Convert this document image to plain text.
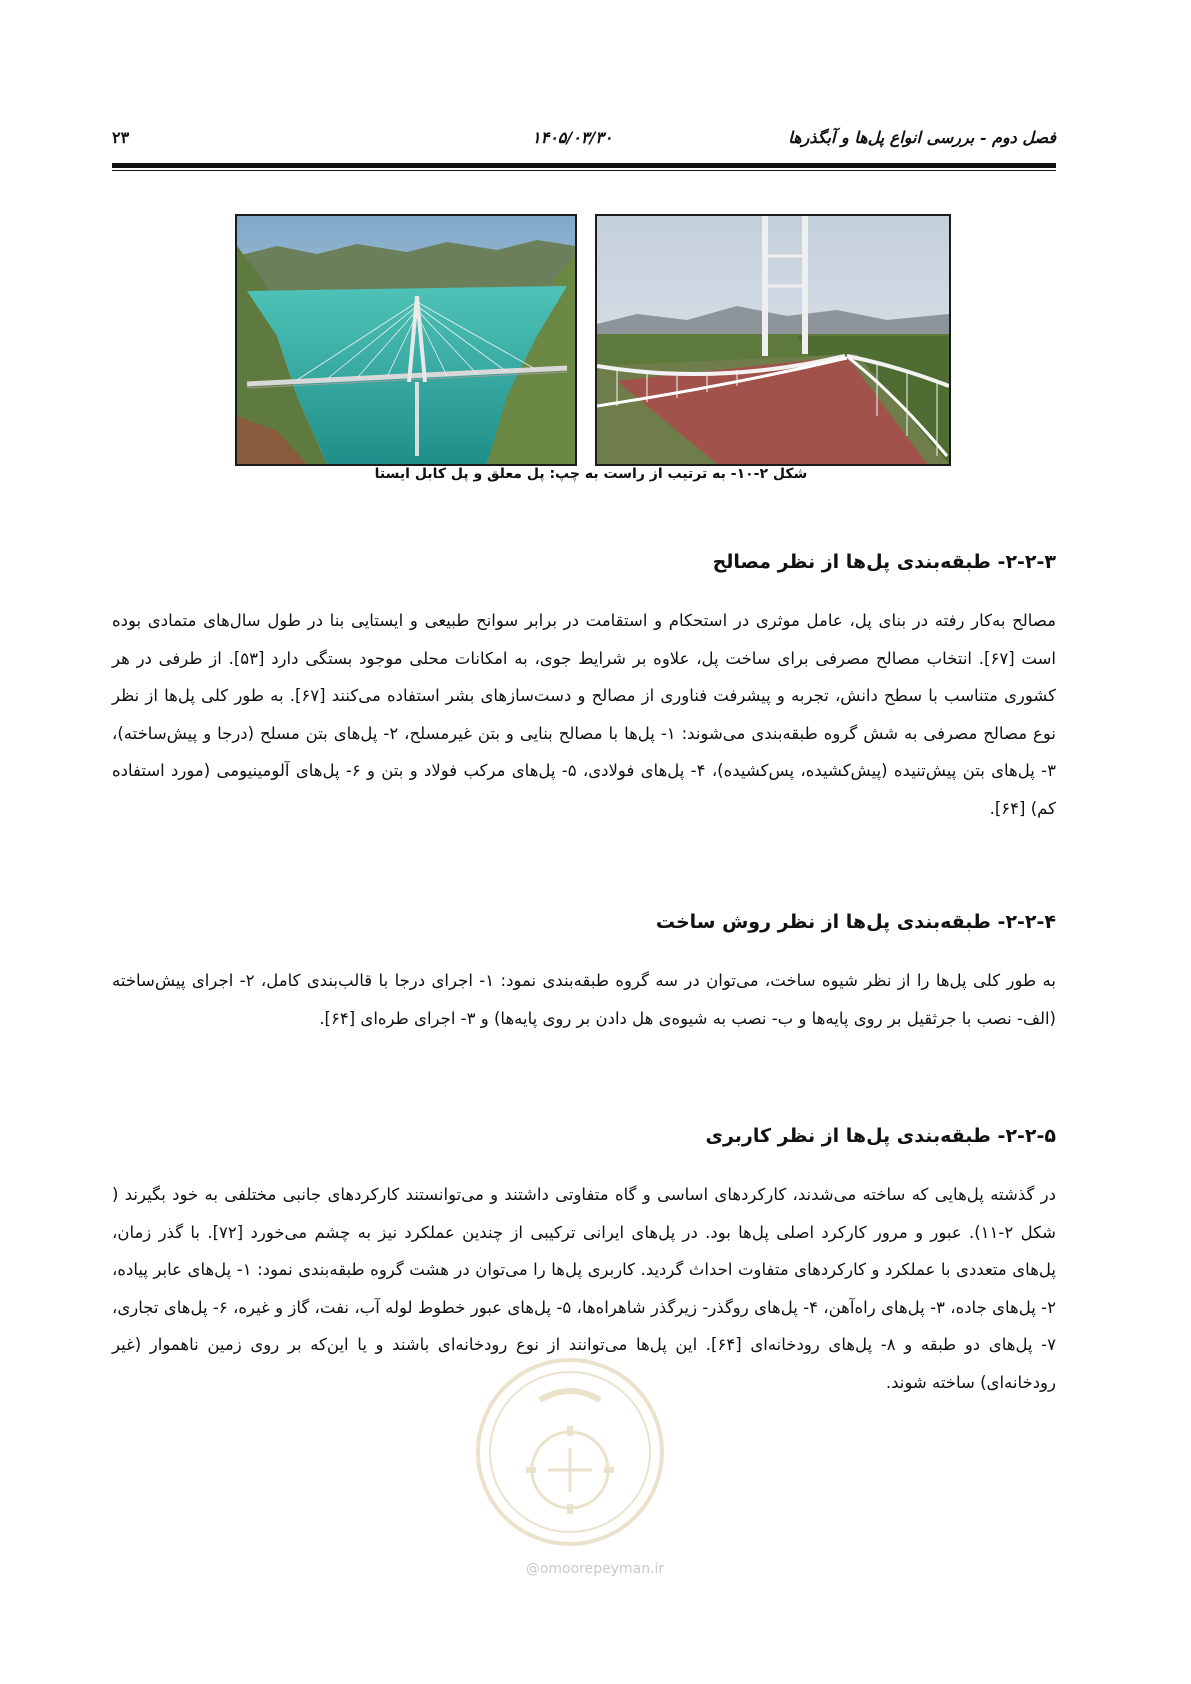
فصل دوم - بررسی انواع پل‌ها و آبگذرها
۱۴۰۵/۰۳/۳۰
۲۳
شکل ۲-۱۰- به ترتیب از راست به چپ: پل معلق و پل کابل ایستا
۲-۲-۳- طبقه‌بندی پل‌ها از نظر مصالح
مصالح به‌کار رفته در بنای پل، عامل موثری در استحکام و استقامت در برابر سوانح طبیعی و ایستایی بنا در طول سال‌های متمادی بوده است [۶۷]. انتخاب مصالح مصرفی برای ساخت پل، علاوه بر شرایط جوی، به امکانات محلی موجود بستگی دارد [۵۳]. از طرفی در هر کشوری متناسب با سطح دانش، تجربه و پیشرفت فناوری از مصالح و دست‌سازهای بشر استفاده می‌کنند [۶۷]. به طور کلی پل‌ها از نظر نوع مصالح مصرفی به شش گروه طبقه‌بندی می‌شوند: ۱- پل‌ها با مصالح بنایی و بتن غیرمسلح، ۲- پل‌های بتن مسلح (درجا و پیش‌ساخته)، ۳- پل‌های بتن پیش‌تنیده (پیش‌کشیده، پس‌کشیده)، ۴- پل‌های فولادی، ۵- پل‌های مرکب فولاد و بتن و ۶- پل‌های آلومینیومی (مورد استفاده کم) [۶۴].
۲-۲-۴- طبقه‌بندی پل‌ها از نظر روش ساخت
به طور کلی پل‌ها را از نظر شیوه ساخت، می‌توان در سه گروه طبقه‌بندی نمود: ۱- اجرای درجا با قالب‌بندی کامل، ۲- اجرای پیش‌ساخته (الف- نصب با جرثقیل بر روی پایه‌ها و ب- نصب به شیوه‌ی هل دادن بر روی پایه‌ها) و ۳- اجرای طره‌ای [۶۴].
۲-۲-۵- طبقه‌بندی پل‌ها از نظر کاربری
در گذشته پل‌هایی که ساخته می‌شدند، کارکردهای اساسی و گاه متفاوتی داشتند و می‌توانستند کارکردهای جانبی مختلفی به خود بگیرند ( شکل ۲-۱۱). عبور و مرور کارکرد اصلی پل‌ها بود. در پل‌های ایرانی ترکیبی از چندین عملکرد نیز به چشم می‌خورد [۷۲]. با گذر زمان، پل‌های متعددی با عملکرد و کارکردهای متفاوت احداث گردید. کاربری پل‌ها را می‌توان در هشت گروه طبقه‌بندی نمود: ۱- پل‌های عابر پیاده، ۲- پل‌های جاده، ۳- پل‌های راه‌آهن، ۴- پل‌های روگذر- زیرگذر شاهراه‌ها، ۵- پل‌های عبور خطوط لوله آب، نفت، گاز و غیره، ۶- پل‌های تجاری، ۷- پل‌های دو طبقه و ۸- پل‌های رودخانه‌ای [۶۴]. این پل‌ها می‌توانند از نوع رودخانه‌ای باشند و یا این‌که بر روی زمین ناهموار (غیر رودخانه‌ای) ساخته شوند.
@omoorepeyman.ir
